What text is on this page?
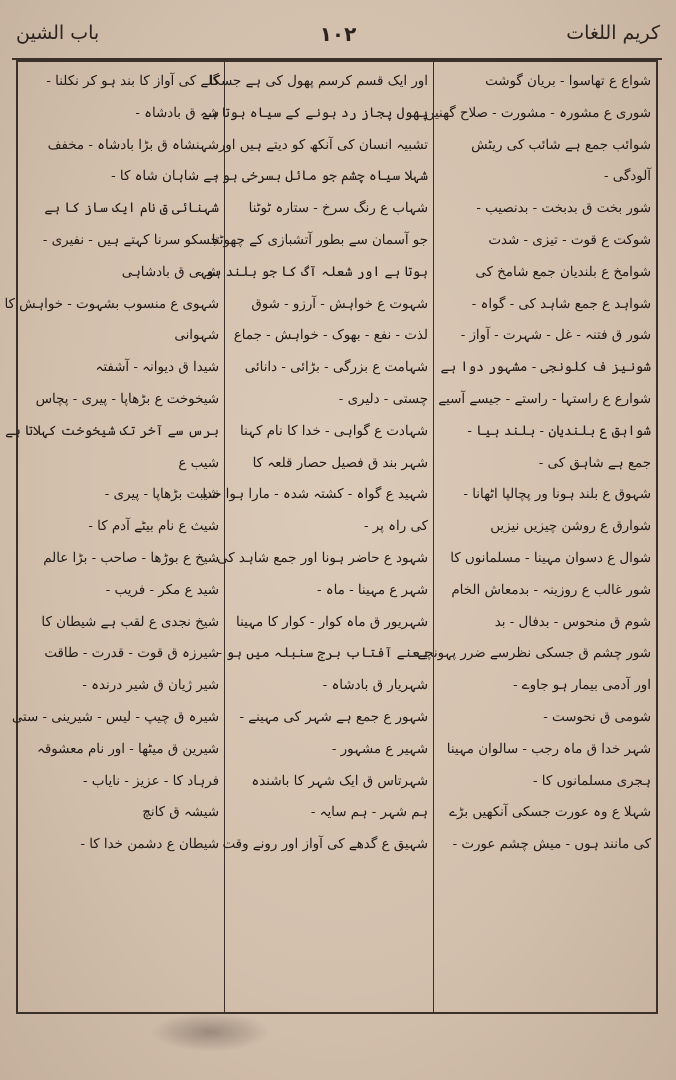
کریم اللغات
۱۰۲
باب الشین
شواع ع تھاسوا - بریان گوشت
شوری ع مشورہ - مشورت - صلاح گھنیں
شوائب جمع ہے شائب کی ریٹش
آلودگی -
شور بخت ق بدبخت - بدنصیب -
شوکت ع قوت - تیزی - شدت
شوامخ ع بلندیان جمع شامخ کی
شواہد ع جمع شاہد کی - گواہ -
شور ق فتنہ - غل - شہرت - آواز -
شونیز ف کلونجی - مشہور دوا ہے
شوارع ع راستہا - راستے - جیسے آسیے
شواہق ع بلندیان - بلند ہیا -
جمع ہے شاہق کی -
شہوق ع بلند ہونا ور پچالپا اٹھانا -
شوارق ع روشن چیزیں نیزیں
شوال ع دسوان مہینا - مسلمانوں کا
شور غالب ع روزینہ - بدمعاش الخام
شوم ق منحوس - بدفال - بد
شور چشم ق جسکی نظرسے ضرر پہونچے
اور آدمی بیمار ہو جاوے -
شومی ق نحوست -
شہر خدا ق ماہ رجب - سالوان مہینا
ہجری مسلمانوں کا -
شہلا ع وہ عورت جسکی آنکھیں بڑے
کی مانند ہوں - میش چشم عورت -
اور ایک قسم کرسم پھول کی ہے جسکا
پھول پجاز رد ہونے کے سیاہ ہوتا ہے
تشبیہ انسان کی آنکھ کو دیتے ہیں اور
شہلا سیاہ چشم جو مائل بسرخی ہو -
شہاب ع رنگ سرخ - ستارہ ٹوٹنا
جو آسمان سے بطور آتشبازی کے چھوٹتا
ہوتا ہے اور شعلہ آگ کا جو بلند ہو -
شہوت ع خواہش - آرزو - شوق
لذت - نفع - بھوک - خواہش - جماع
شہامت ع بزرگی - بڑائی - دانائی
چستی - دلیری -
شہادت ع گواہی - خدا کا نام کہنا
شہر بند ق فصیل حصار قلعہ کا
شہید ع گواہ - کشتہ شدہ - مارا ہوا خدا
کی راہ پر -
شہود ع حاضر ہونا اور جمع شاہد کی
شہر ع مہینا - ماہ -
شہریور ق ماہ کوار - کوار کا مہینا
یعنے آفتاب برج سنبلہ میں ہو -
شہریار ق بادشاہ -
شہور ع جمع ہے شہر کی مہینے -
شہیر ع مشہور -
شہرتاس ق ایک شہر کا باشندہ
ہم شہر - ہم سایہ -
شہیق ع گدھے کی آواز اور رونے وقت
گلے کی آواز کا بند ہو کر نکلنا -
شہ ق بادشاہ -
شہنشاہ ق بڑا بادشاہ - مخفف
ہے شاہان شاہ کا -
شہنائی ق نام ایک ساز کا ہے
جسکو سرنا کہتے ہیں - نفیری -
شہی ق بادشاہی
شہوی ع منسوب بشہوت - خواہش کا
شہوانی
شیدا ق دیوانہ - آشفتہ
شیخوخت ع بڑھاپا - پیری - پچاس
برس سے آخر تک شیخوخت کہلاتا ہے
شیب ع
شیبت بڑھاپا - پیری -
شیث ع نام بیٹے آدم کا -
شیخ ع بوڑھا - صاحب - بڑا عالم
شید ع مکر - فریب -
شیخ نجدی ع لقب ہے شیطان کا
شیرزہ ق قوت - قدرت - طاقت
شیر ژیان ق شیر درندہ -
شیرہ ق چیپ - لیس - شیرینی - ستی
شیرین ق میٹھا - اور نام معشوقہ
فرہاد کا - عزیز - نایاب -
شیشہ ق کانچ
شیطان ع دشمن خدا کا -
